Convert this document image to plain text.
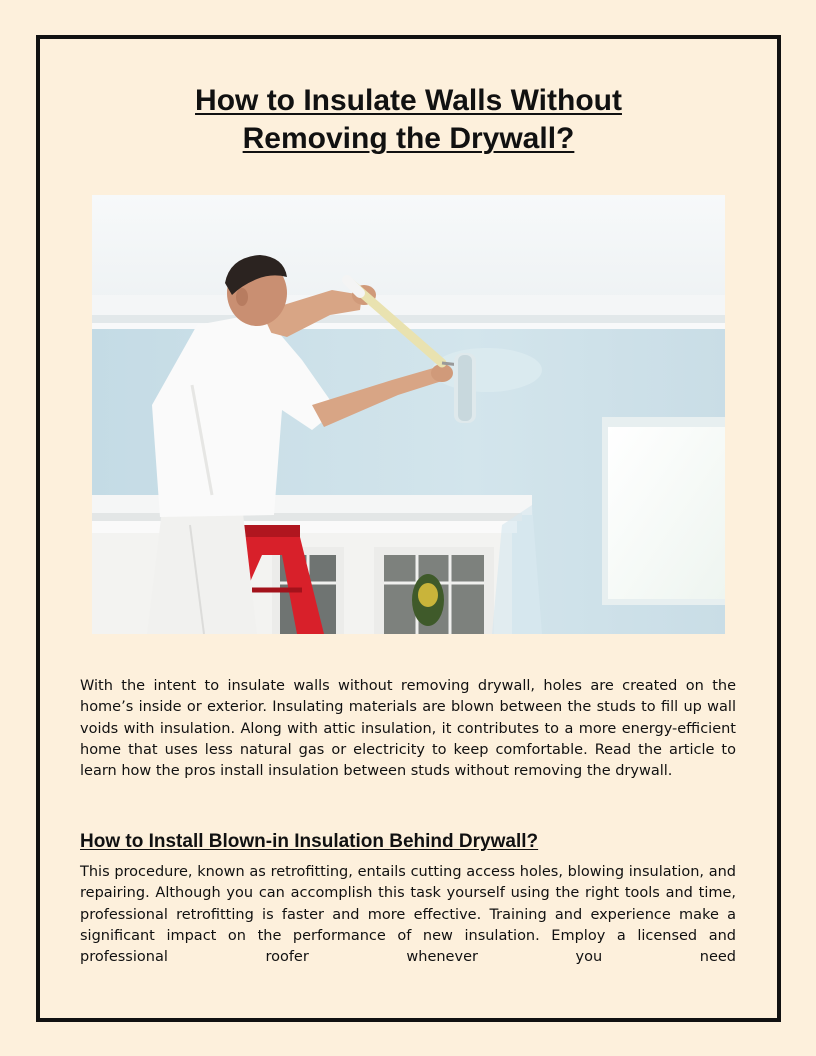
How to Insulate Walls Without
Removing the Drywall?

With the intent to insulate walls without removing drywall, holes are created on the home’s inside or exterior. Insulating materials are blown between the studs to fill up wall voids with insulation. Along with attic insulation, it contributes to a more energy-efficient home that uses less natural gas or electricity to keep comfortable. Read the article to learn how the pros install insulation between studs without removing the drywall.

How to Install Blown-in Insulation Behind Drywall?

This procedure, known as retrofitting, entails cutting access holes, blowing insulation, and repairing. Although you can accomplish this task yourself using the right tools and time, professional retrofitting is faster and more effective. Training and experience make a significant impact on the performance of new insulation. Employ a licensed and professional roofer whenever you need
